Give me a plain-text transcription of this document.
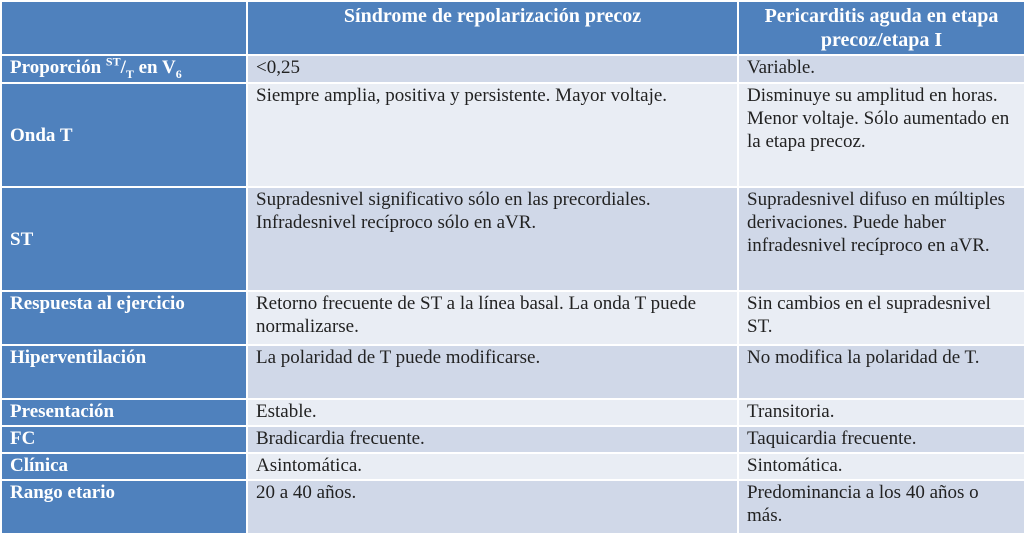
	Síndrome de repolarización precoz	Pericarditis aguda en etapa precoz/etapa I
Proporción $^{ST}/_T$ en $V_6$	<0,25	Variable.
Onda T	Siempre amplia, positiva y persistente. Mayor voltaje.	Disminuye su amplitud en horas. Menor voltaje. Sólo aumentado en la etapa precoz.
ST	Supradesnivel significativo sólo en las precordiales. Infradesnivel recíproco sólo en aVR.	Supradesnivel difuso en múltiples derivaciones. Puede haber infradesnivel recíproco en aVR.
Respuesta al ejercicio	Retorno frecuente de ST a la línea basal. La onda T puede normalizarse.	Sin cambios en el supradesnivel ST.
Hiperventilación	La polaridad de T puede modificarse.	No modifica la polaridad de T.
Presentación	Estable.	Transitoria.
FC	Bradicardia frecuente.	Taquicardia frecuente.
Clínica	Asintomática.	Sintomática.
Rango etario	20 a 40 años.	Predominancia a los 40 años o más.
